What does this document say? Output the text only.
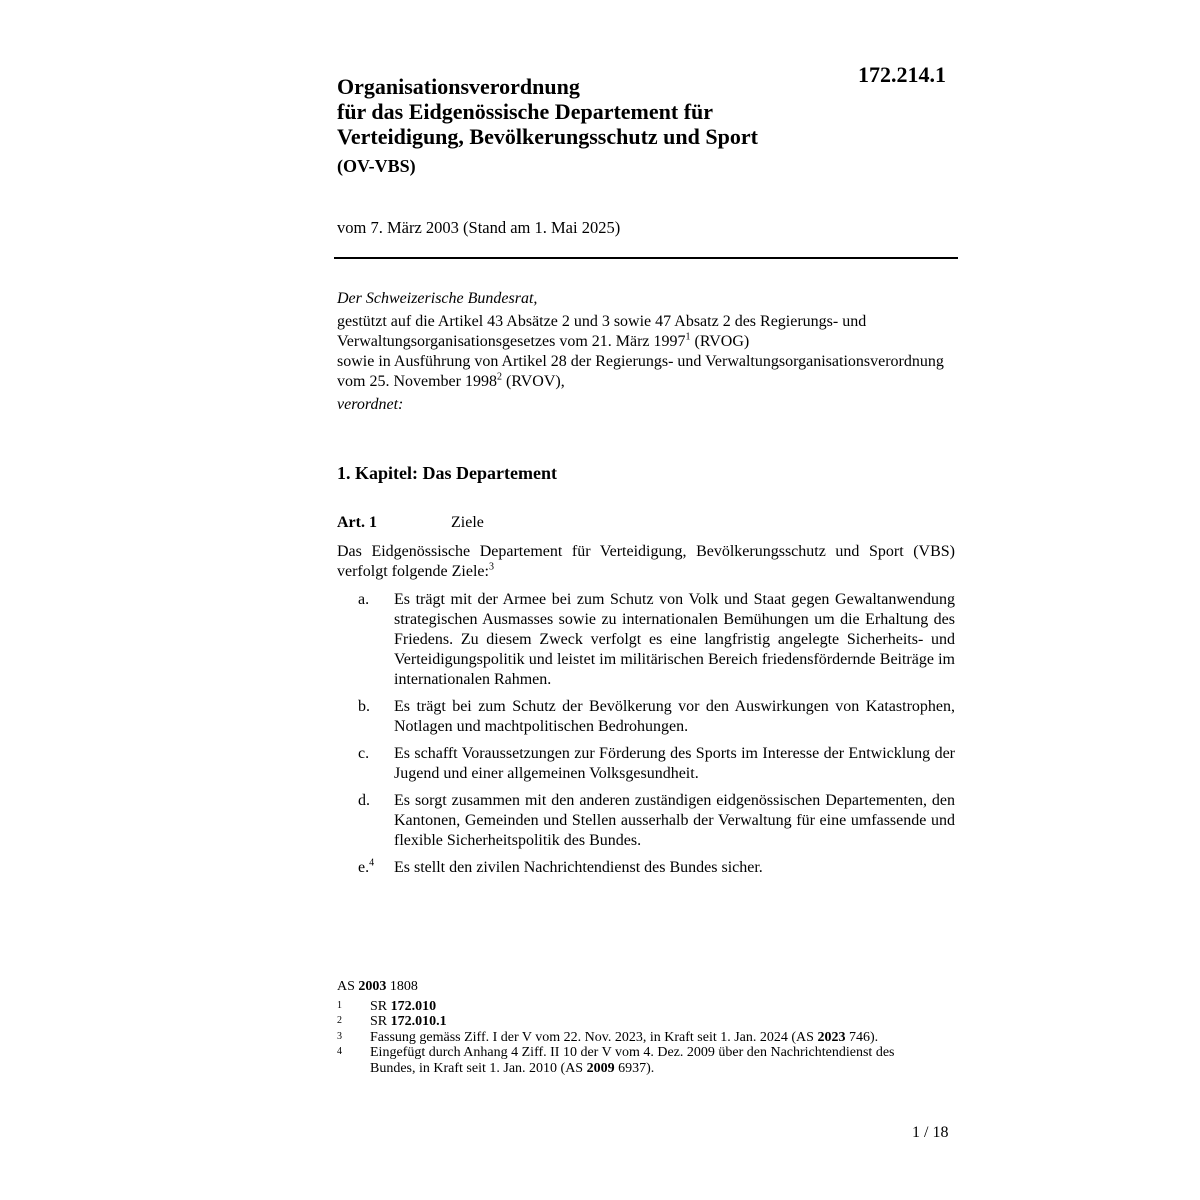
172.214.1
Organisationsverordnung
für das Eidgenössische Departement für
Verteidigung, Bevölkerungsschutz und Sport
(OV-VBS)
vom 7. März 2003 (Stand am 1. Mai 2025)
Der Schweizerische Bundesrat,
gestützt auf die Artikel 43 Absätze 2 und 3 sowie 47 Absatz 2 des Regierungs- und Verwaltungsorganisationsgesetzes vom 21. März 1997$^1$ (RVOG)
sowie in Ausführung von Artikel 28 der Regierungs- und Verwaltungsorganisationsverordnung vom 25. November 1998$^2$ (RVOV),
verordnet:
1. Kapitel: Das Departement
Art. 1	Ziele
Das Eidgenössische Departement für Verteidigung, Bevölkerungsschutz und Sport (VBS) verfolgt folgende Ziele:$^3$
a.	Es trägt mit der Armee bei zum Schutz von Volk und Staat gegen Gewaltanwendung strategischen Ausmasses sowie zu internationalen Bemühungen um die Erhaltung des Friedens. Zu diesem Zweck verfolgt es eine langfristig angelegte Sicherheits- und Verteidigungspolitik und leistet im militärischen Bereich friedensfördernde Beiträge im internationalen Rahmen.
b.	Es trägt bei zum Schutz der Bevölkerung vor den Auswirkungen von Katastrophen, Notlagen und machtpolitischen Bedrohungen.
c.	Es schafft Voraussetzungen zur Förderung des Sports im Interesse der Entwicklung der Jugend und einer allgemeinen Volksgesundheit.
d.	Es sorgt zusammen mit den anderen zuständigen eidgenössischen Departementen, den Kantonen, Gemeinden und Stellen ausserhalb der Verwaltung für eine umfassende und flexible Sicherheitspolitik des Bundes.
e.$^4$	Es stellt den zivilen Nachrichtendienst des Bundes sicher.
AS 2003 1808
1	SR 172.010
2	SR 172.010.1
3	Fassung gemäss Ziff. I der V vom 22. Nov. 2023, in Kraft seit 1. Jan. 2024 (AS 2023 746).
4	Eingefügt durch Anhang 4 Ziff. II 10 der V vom 4. Dez. 2009 über den Nachrichtendienst des Bundes, in Kraft seit 1. Jan. 2010 (AS 2009 6937).
1 / 18
